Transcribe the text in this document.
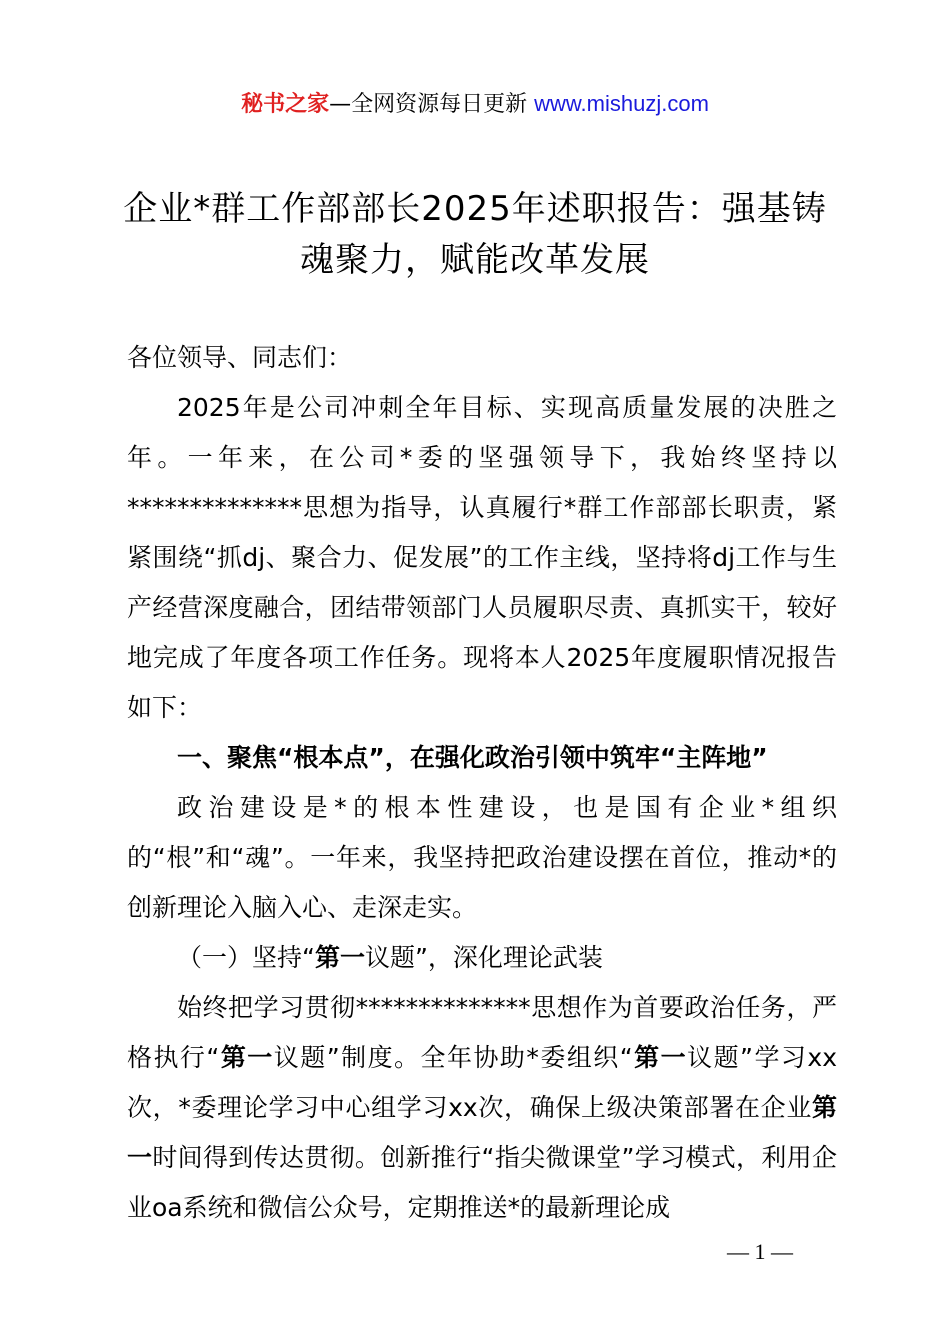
秘书之家—全网资源每日更新 www.mishuzj.com
企业*群工作部部长2025年述职报告：强基铸魂聚力，赋能改革发展

各位领导、同志们：

2025年是公司冲刺全年目标、实现高质量发展的决胜之年。一年来，在公司*委的坚强领导下，我始终坚持以**************思想为指导，认真履行*群工作部部长职责，紧紧围绕“抓dj、聚合力、促发展”的工作主线，坚持将dj工作与生产经营深度融合，团结带领部门人员履职尽责、真抓实干，较好地完成了年度各项工作任务。现将本人2025年度履职情况报告如下：

一、聚焦“根本点”，在强化政治引领中筑牢“主阵地”

政治建设是*的根本性建设，也是国有企业*组织的“根”和“魂”。一年来，我坚持把政治建设摆在首位，推动*的创新理论入脑入心、走深走实。

（一）坚持“第一议题”，深化理论武装

始终把学习贯彻**************思想作为首要政治任务，严格执行“第一议题”制度。全年协助*委组织“第一议题”学习xx次，*委理论学习中心组学习xx次，确保上级决策部署在企业第一时间得到传达贯彻。创新推行“指尖微课堂”学习模式，利用企业oa系统和微信公众号，定期推送*的最新理论成

— 1 —
